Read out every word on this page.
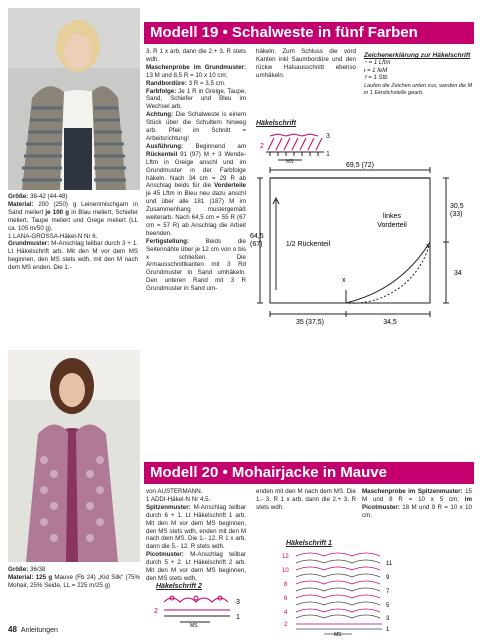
Modell 19 • Schalweste in fünf Farben

Größe: 38-42 (44-48)

Material: 200 (250) g Leinenmischgarn in Sand meliert je 100 g in Blau meliert, Schiefer meliert, Taupe meliert und Grege meliert (LL ca. 105 m/50 g).

1 LANA-GROSSA-Häkel-N Nr 6.

Grundmuster: M-Anschlag teilbar durch 3 + 1. Lt Häkelschrift arb. Mit den M vor dem MS beginnen, den MS stets wdh, mit den M nach dem MS enden. Die 1.-

3. R 1 x arb, dann die 2.+ 3. R stets wdh.

Maschenprobe im Grundmuster: 13 M und 8,5 R = 10 x 10 cm;

Randbordüre: 3 R = 3,5 cm.

Farbfolge: Je 1 R in Greige, Taupe, Sand, Schiefer und Bleu im Wechsel arb.

Achtung: Die Schalweste is einem Stück über die Schultern hinweg arb. Pfeil im Schnitt = Arbeitsrichtung!

Ausführung: Beginnend am Rückenteil 91 (97) M + 3 Wende-Lftm in Greige anschl und im Grundmuster in der Farbfolge häkeln. Nach 34 cm = 29 R ab Anschlag beids für die Vorderteile je 45 Lftm in Bleu neu dazu anschl und über alle 181 (187) M im Zusammenhang mustergemäß weiterarb. Nach 64,5 cm = 55 R (67 cm = 57 R) ab Anschlag die Arbeit beenden.

Fertigstellung: Beids die Seitennähte über je 12 cm von o bis x schließen. Die Armausschnittkanten mit 3 Rd Grundmuster in Sand umhäkeln. Den unteren Rand mit 3 R Grundmuster in Sand um-

häkeln. Zum Schluss die vord Kanten inkl Saumbordüre und den rückw Halsausschnitt ebenso umhäkeln.

Zeichenerklärung zur Häkelschrift
⁃ = 1 Lftm
ᵻ = 1 feM
⫯ = 1 Stb
Laufen die Zeichen unten zus, werden die M in 1 Einstichstelle gearb.
Häkelschrift
2
3
1
MS	69,5 (72)
64,5
(67)
30,5
(33)
34
35 (37,5)	34,5
linkes
Vorderteil
1/2 Rückenteil	x
x
Modell 20 • Mohairjacke in Mauve

Größe: 36/38

Material: 125 g Mauve (Fb 24) „Kid Silk“ (75% Mohair, 25% Seide, LL = 225 m/25 g)

von AUSTERMANN.

1 ADDI-Häkel-N Nr 4,5.

Spitzenmuster: M-Anschlag teilbar durch 6 + 1. Lt Häkelschrift 1 arb. Mit den M vor dem MS beginnen, den MS stets wdh, enden mit den M nach dem MS. Die 1.- 12. R 1 x arb, dann die 5.- 12. R stets wdh.

Picotmuster: M-Anschlag teilbar durch 5 + 2. Lt Häkelschrift 2 arb. Mit den M vor dem MS beginnen, den MS stets wdh,

enden mit den M nach dem MS. Die 1.- 3. R 1 x arb, dann die 2.+ 3. R stets wdh.

Maschenprobe im Spitzenmuster: 15 M und 8 R = 10 x 5 cm; im Picotmuster: 18 M und 9 R = 10 x 10 cm.

Häkelschrift 2
2
3
1
MS
Häkelschrift 1
12
10
8
6
4
2
11
9
7
5
3
1
MS
48 Anleitungen
